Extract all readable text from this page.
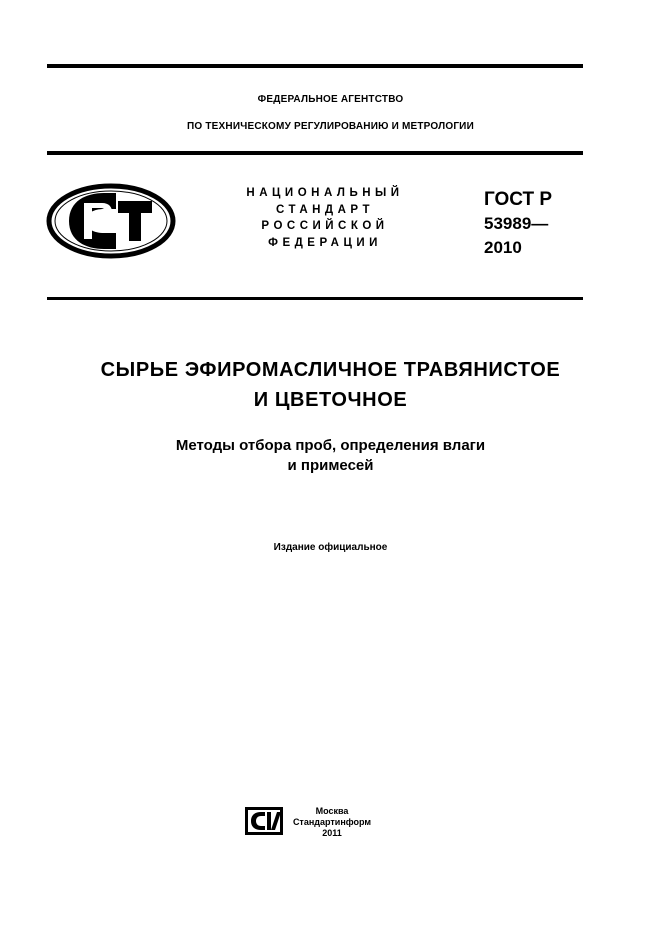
ФЕДЕРАЛЬНОЕ АГЕНТСТВО
ПО ТЕХНИЧЕСКОМУ РЕГУЛИРОВАНИЮ И МЕТРОЛОГИИ
НАЦИОНАЛЬНЫЙ
СТАНДАРТ
РОССИЙСКОЙ
ФЕДЕРАЦИИ
ГОСТ Р
53989—
2010
СЫРЬЕ ЭФИРОМАСЛИЧНОЕ ТРАВЯНИСТОЕ
И ЦВЕТОЧНОЕ
Методы отбора проб, определения влаги
и примесей
Издание официальное
Москва
Стандартинформ
2011
